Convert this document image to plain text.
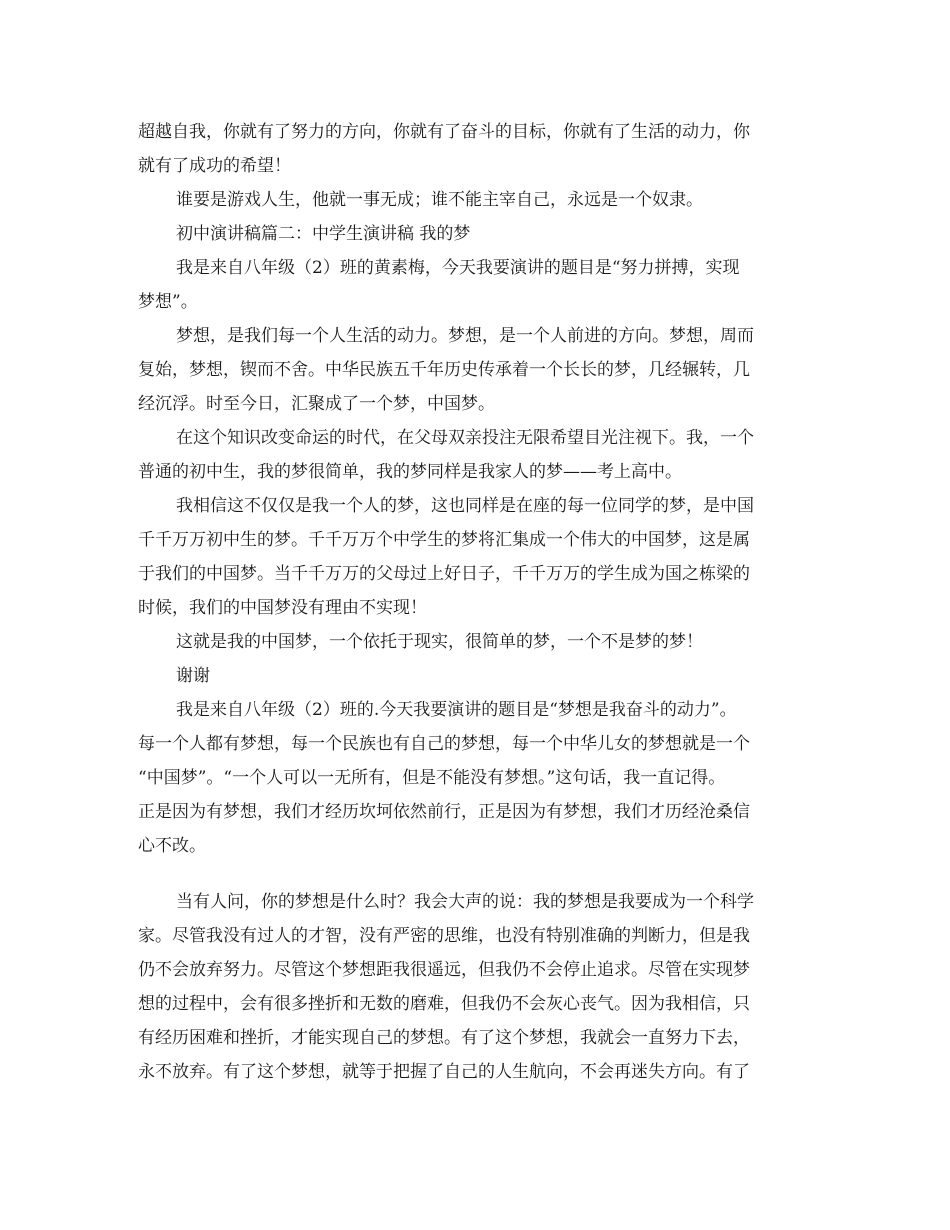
超越自我，你就有了努力的方向，你就有了奋斗的目标，你就有了生活的动力，你
就有了成功的希望！
谁要是游戏人生，他就一事无成；谁不能主宰自己，永远是一个奴隶。
初中演讲稿篇二：中学生演讲稿 我的梦
我是来自八年级（2）班的黄素梅，今天我要演讲的题目是“努力拼搏，实现
梦想”。
梦想，是我们每一个人生活的动力。梦想，是一个人前进的方向。梦想，周而
复始，梦想，锲而不舍。中华民族五千年历史传承着一个长长的梦，几经辗转，几
经沉浮。时至今日，汇聚成了一个梦，中国梦。
在这个知识改变命运的时代，在父母双亲投注无限希望目光注视下。我，一个
普通的初中生，我的梦很简单，我的梦同样是我家人的梦——考上高中。
我相信这不仅仅是我一个人的梦，这也同样是在座的每一位同学的梦，是中国
千千万万初中生的梦。千千万万个中学生的梦将汇集成一个伟大的中国梦，这是属
于我们的中国梦。当千千万万的父母过上好日子，千千万万的学生成为国之栋梁的
时候，我们的中国梦没有理由不实现！
这就是我的中国梦，一个依托于现实，很简单的梦，一个不是梦的梦！
谢谢
我是来自八年级（2）班的.今天我要演讲的题目是“梦想是我奋斗的动力”。
每一个人都有梦想，每一个民族也有自己的梦想，每一个中华儿女的梦想就是一个
“中国梦”。“一个人可以一无所有，但是不能没有梦想。”这句话，我一直记得。
正是因为有梦想，我们才经历坎坷依然前行，正是因为有梦想，我们才历经沧桑信
心不改。
当有人问，你的梦想是什么时？我会大声的说：我的梦想是我要成为一个科学
家。尽管我没有过人的才智，没有严密的思维，也没有特别准确的判断力，但是我
仍不会放弃努力。尽管这个梦想距我很遥远，但我仍不会停止追求。尽管在实现梦
想的过程中，会有很多挫折和无数的磨难，但我仍不会灰心丧气。因为我相信，只
有经历困难和挫折，才能实现自己的梦想。有了这个梦想，我就会一直努力下去，
永不放弃。有了这个梦想，就等于把握了自己的人生航向，不会再迷失方向。有了
